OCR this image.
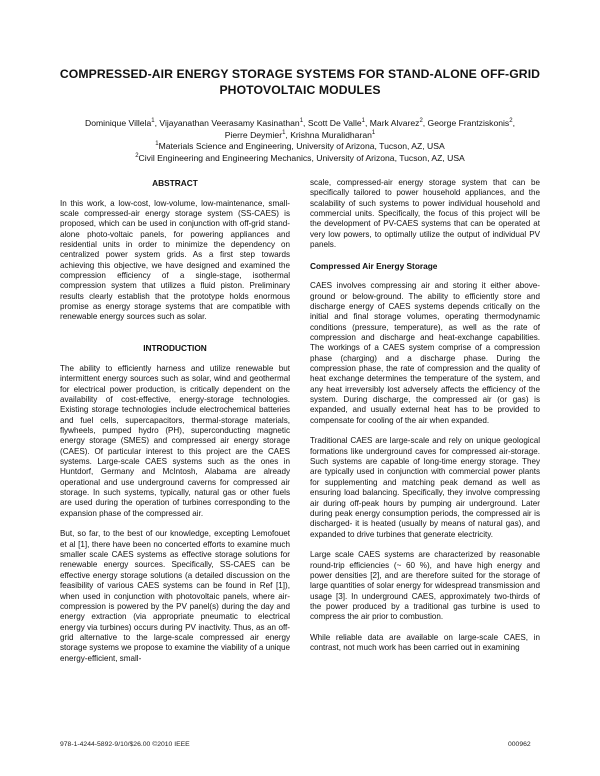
COMPRESSED-AIR ENERGY STORAGE SYSTEMS FOR STAND-ALONE OFF-GRID
PHOTOVOLTAIC MODULES
Dominique Villela$^1$, Vijayanathan Veerasamy Kasinathan$^1$, Scott De Valle$^1$, Mark Alvarez$^2$, George Frantziskonis$^2$,
Pierre Deymier$^1$, Krishna Muralidharan$^1$
$^1$Materials Science and Engineering, University of Arizona, Tucson, AZ, USA
$^2$Civil Engineering and Engineering Mechanics, University of Arizona, Tucson, AZ, USA
ABSTRACT

In this work, a low-cost, low-volume, low-maintenance, small-scale compressed-air energy storage system (SS-CAES) is proposed, which can be used in conjunction with off-grid stand-alone photo-voltaic panels, for powering appliances and residential units in order to minimize the dependency on centralized power system grids. As a first step towards achieving this objective, we have designed and examined the compression efficiency of a single-stage, isothermal compression system that utilizes a fluid piston. Preliminary results clearly establish that the prototype holds enormous promise as energy storage systems that are compatible with renewable energy sources such as solar.

INTRODUCTION

The ability to efficiently harness and utilize renewable but intermittent energy sources such as solar, wind and geothermal for electrical power production, is critically dependent on the availability of cost-effective, energy-storage technologies. Existing storage technologies include electrochemical batteries and fuel cells, supercapacitors, thermal-storage materials, flywheels, pumped hydro (PH), superconducting magnetic energy storage (SMES) and compressed air energy storage (CAES). Of particular interest to this project are the CAES systems. Large-scale CAES systems such as the ones in Huntdorf, Germany and McIntosh, Alabama are already operational and use underground caverns for compressed air storage. In such systems, typically, natural gas or other fuels are used during the operation of turbines corresponding to the expansion phase of the compressed air.

But, so far, to the best of our knowledge, excepting Lemofouet et al [1], there have been no concerted efforts to examine much smaller scale CAES systems as effective storage solutions for renewable energy sources. Specifically, SS-CAES can be effective energy storage solutions (a detailed discussion on the feasibility of various CAES systems can be found in Ref [1]), when used in conjunction with photovoltaic panels, where air-compression is powered by the PV panel(s) during the day and energy extraction (via appropriate pneumatic to electrical energy via turbines) occurs during PV inactivity. Thus, as an off-grid alternative to the large-scale compressed air energy storage systems we propose to examine the viability of a unique energy-efficient, small-

scale, compressed-air energy storage system that can be specifically tailored to power household appliances, and the scalability of such systems to power individual household and commercial units. Specifically, the focus of this project will be the development of PV-CAES systems that can be operated at very low powers, to optimally utilize the output of individual PV panels.

Compressed Air Energy Storage

CAES involves compressing air and storing it either above-ground or below-ground. The ability to efficiently store and discharge energy of CAES systems depends critically on the initial and final storage volumes, operating thermodynamic conditions (pressure, temperature), as well as the rate of compression and discharge and heat-exchange capabilities. The workings of a CAES system comprise of a compression phase (charging) and a discharge phase. During the compression phase, the rate of compression and the quality of heat exchange determines the temperature of the system, and any heat irreversibly lost adversely affects the efficiency of the system. During discharge, the compressed air (or gas) is expanded, and usually external heat has to be provided to compensate for cooling of the air when expanded.

Traditional CAES are large-scale and rely on unique geological formations like underground caves for compressed air-storage. Such systems are capable of long-time energy storage. They are typically used in conjunction with commercial power plants for supplementing and matching peak demand as well as ensuring load balancing. Specifically, they involve compressing air during off-peak hours by pumping air underground. Later during peak energy consumption periods, the compressed air is discharged- it is heated (usually by means of natural gas), and expanded to drive turbines that generate electricity.

Large scale CAES systems are characterized by reasonable round-trip efficiencies (~ 60 %), and have high energy and power densities [2], and are therefore suited for the storage of large quantities of solar energy for widespread transmission and usage [3]. In underground CAES, approximately two-thirds of the power produced by a traditional gas turbine is used to compress the air prior to combustion.

While reliable data are available on large-scale CAES, in contrast, not much work has been carried out in examining

978-1-4244-5892-9/10/$26.00 ©2010 IEEE	000962
